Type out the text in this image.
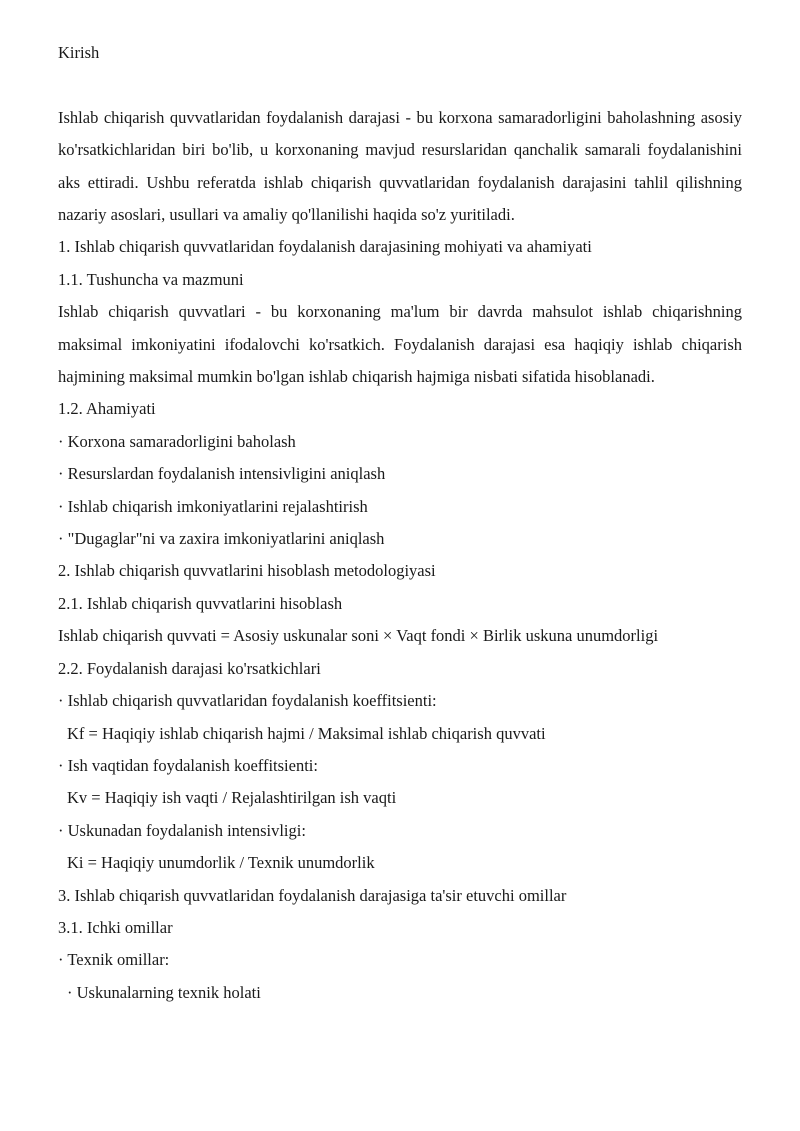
Kirish

Ishlab chiqarish quvvatlaridan foydalanish darajasi - bu korxona samaradorligini baholashning asosiy ko'rsatkichlaridan biri bo'lib, u korxonaning mavjud resurslaridan qanchalik samarali foydalanishini aks ettiradi. Ushbu referatda ishlab chiqarish quvvatlaridan foydalanish darajasini tahlil qilishning nazariy asoslari, usullari va amaliy qo'llanilishi haqida so'z yuritiladi.

1. Ishlab chiqarish quvvatlaridan foydalanish darajasining mohiyati va ahamiyati

1.1. Tushuncha va mazmuni

Ishlab chiqarish quvvatlari - bu korxonaning ma'lum bir davrda mahsulot ishlab chiqarishning maksimal imkoniyatini ifodalovchi ko'rsatkich. Foydalanish darajasi esa haqiqiy ishlab chiqarish hajmining maksimal mumkin bo'lgan ishlab chiqarish hajmiga nisbati sifatida hisoblanadi.

1.2. Ahamiyati

· Korxona samaradorligini baholash

· Resurslardan foydalanish intensivligini aniqlash

· Ishlab chiqarish imkoniyatlarini rejalashtirish

· "Dugaglar"ni va zaxira imkoniyatlarini aniqlash

2. Ishlab chiqarish quvvatlarini hisoblash metodologiyasi

2.1. Ishlab chiqarish quvvatlarini hisoblash

Ishlab chiqarish quvvati = Asosiy uskunalar soni × Vaqt fondi × Birlik uskuna unumdorligi

2.2. Foydalanish darajasi ko'rsatkichlari

· Ishlab chiqarish quvvatlaridan foydalanish koeffitsienti:

Kf = Haqiqiy ishlab chiqarish hajmi / Maksimal ishlab chiqarish quvvati

· Ish vaqtidan foydalanish koeffitsienti:

Kv = Haqiqiy ish vaqti / Rejalashtirilgan ish vaqti

· Uskunadan foydalanish intensivligi:

Ki = Haqiqiy unumdorlik / Texnik unumdorlik

3. Ishlab chiqarish quvvatlaridan foydalanish darajasiga ta'sir etuvchi omillar

3.1. Ichki omillar

· Texnik omillar:

· Uskunalarning texnik holati
